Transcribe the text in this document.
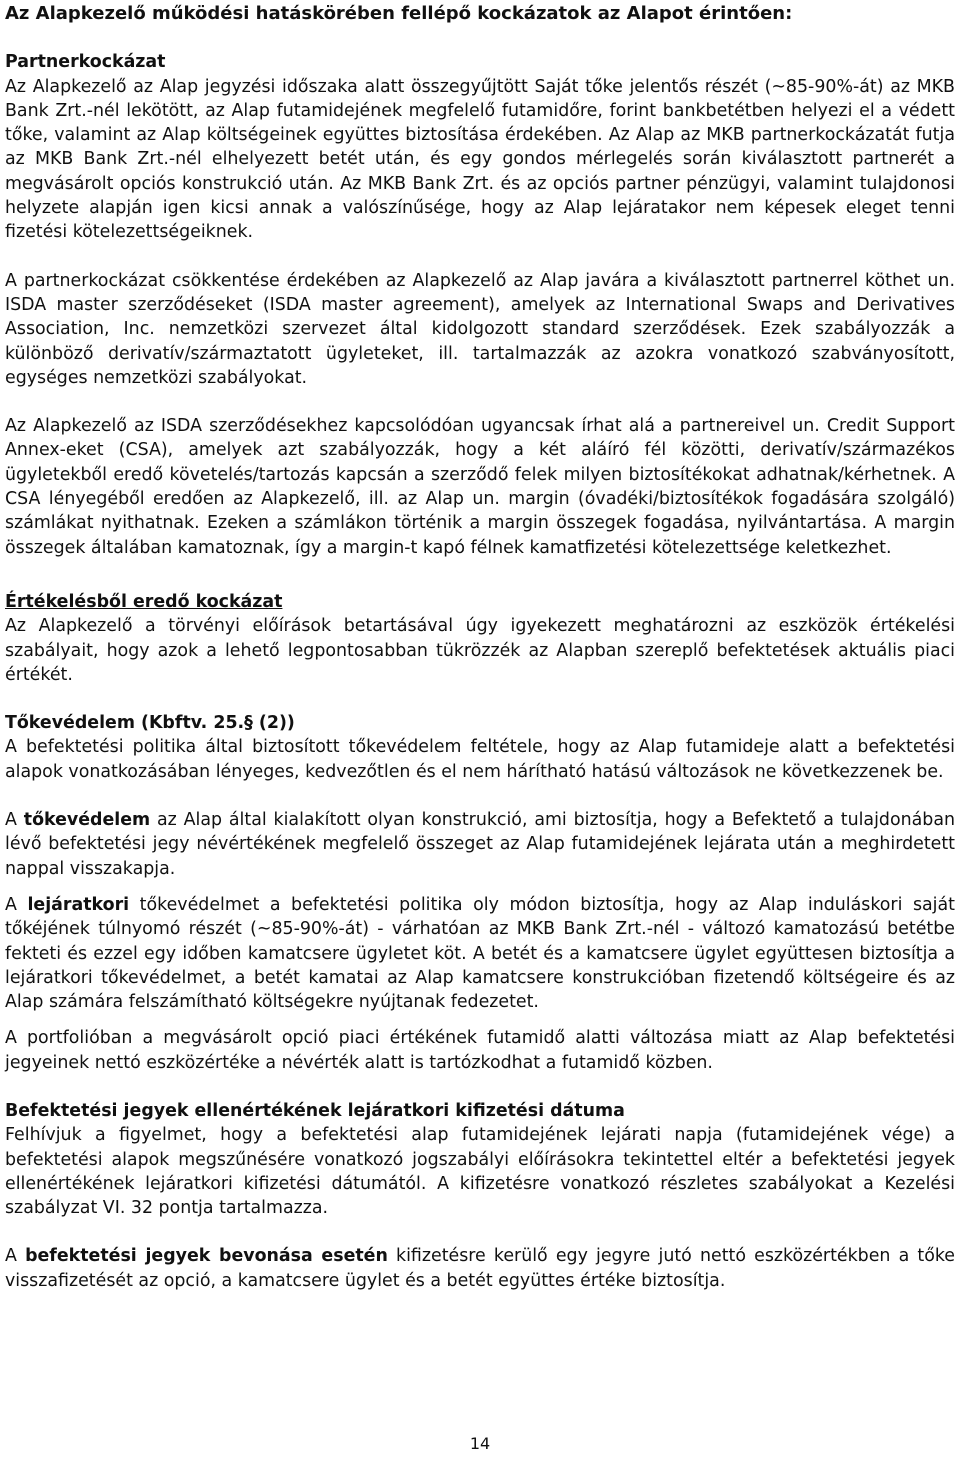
Az Alapkezelő működési hatáskörében fellépő kockázatok az Alapot érintően:

Partnerkockázat

Az Alapkezelő az Alap jegyzési időszaka alatt összegyűjtött Saját tőke jelentős részét (~85-90%-át) az MKB Bank Zrt.-nél lekötött, az Alap futamidejének megfelelő futamidőre, forint bankbetétben helyezi el a védett tőke, valamint az Alap költségeinek együttes biztosítása érdekében. Az Alap az MKB partnerkockázatát futja az MKB Bank Zrt.-nél elhelyezett betét után, és egy gondos mérlegelés során kiválasztott partnerét a megvásárolt opciós konstrukció után. Az MKB Bank Zrt. és az opciós partner pénzügyi, valamint tulajdonosi helyzete alapján igen kicsi annak a valószínűsége, hogy az Alap lejáratakor nem képesek eleget tenni fizetési kötelezettségeiknek.

A partnerkockázat csökkentése érdekében az Alapkezelő az Alap javára a kiválasztott partnerrel köthet un. ISDA master szerződéseket (ISDA master agreement), amelyek az International Swaps and Derivatives Association, Inc. nemzetközi szervezet által kidolgozott standard szerződések. Ezek szabályozzák a különböző derivatív/származtatott ügyleteket, ill. tartalmazzák az azokra vonatkozó szabványosított, egységes nemzetközi szabályokat.

Az Alapkezelő az ISDA szerződésekhez kapcsolódóan ugyancsak írhat alá a partnereivel un. Credit Support Annex-eket (CSA), amelyek azt szabályozzák, hogy a két aláíró fél közötti, derivatív/származékos ügyletekből eredő követelés/tartozás kapcsán a szerződő felek milyen biztosítékokat adhatnak/kérhetnek. A CSA lényegéből eredően az Alapkezelő, ill. az Alap un. margin (óvadéki/biztosítékok fogadására szolgáló) számlákat nyithatnak. Ezeken a számlákon történik a margin összegek fogadása, nyilvántartása. A margin összegek általában kamatoznak, így a margin-t kapó félnek kamatfizetési kötelezettsége keletkezhet.

Értékelésből eredő kockázat

Az Alapkezelő a törvényi előírások betartásával úgy igyekezett meghatározni az eszközök értékelési szabályait, hogy azok a lehető legpontosabban tükrözzék az Alapban szereplő befektetések aktuális piaci értékét.

Tőkevédelem (Kbftv. 25.§ (2))

A befektetési politika által biztosított tőkevédelem feltétele, hogy az Alap futamideje alatt a befektetési alapok vonatkozásában lényeges, kedvezőtlen és el nem hárítható hatású változások ne következzenek be.

A tőkevédelem az Alap által kialakított olyan konstrukció, ami biztosítja, hogy a Befektető a tulajdonában lévő befektetési jegy névértékének megfelelő összeget az Alap futamidejének lejárata után a meghirdetett nappal visszakapja.

A lejáratkori tőkevédelmet a befektetési politika oly módon biztosítja, hogy az Alap induláskori saját tőkéjének túlnyomó részét (~85-90%-át) - várhatóan az MKB Bank Zrt.-nél - változó kamatozású betétbe fekteti és ezzel egy időben kamatcsere ügyletet köt. A betét és a kamatcsere ügylet együttesen biztosítja a lejáratkori tőkevédelmet, a betét kamatai az Alap kamatcsere konstrukcióban fizetendő költségeire és az Alap számára felszámítható költségekre nyújtanak fedezetet.

A portfolióban a megvásárolt opció piaci értékének futamidő alatti változása miatt az Alap befektetési jegyeinek nettó eszközértéke a névérték alatt is tartózkodhat a futamidő közben.

Befektetési jegyek ellenértékének lejáratkori kifizetési dátuma

Felhívjuk a figyelmet, hogy a befektetési alap futamidejének lejárati napja (futamidejének vége) a befektetési alapok megszűnésére vonatkozó jogszabályi előírásokra tekintettel eltér a befektetési jegyek ellenértékének lejáratkori kifizetési dátumától. A kifizetésre vonatkozó részletes szabályokat a Kezelési szabályzat VI. 32 pontja tartalmazza.

A befektetési jegyek bevonása esetén kifizetésre kerülő egy jegyre jutó nettó eszközértékben a tőke visszafizetését az opció, a kamatcsere ügylet és a betét együttes értéke biztosítja.

14
